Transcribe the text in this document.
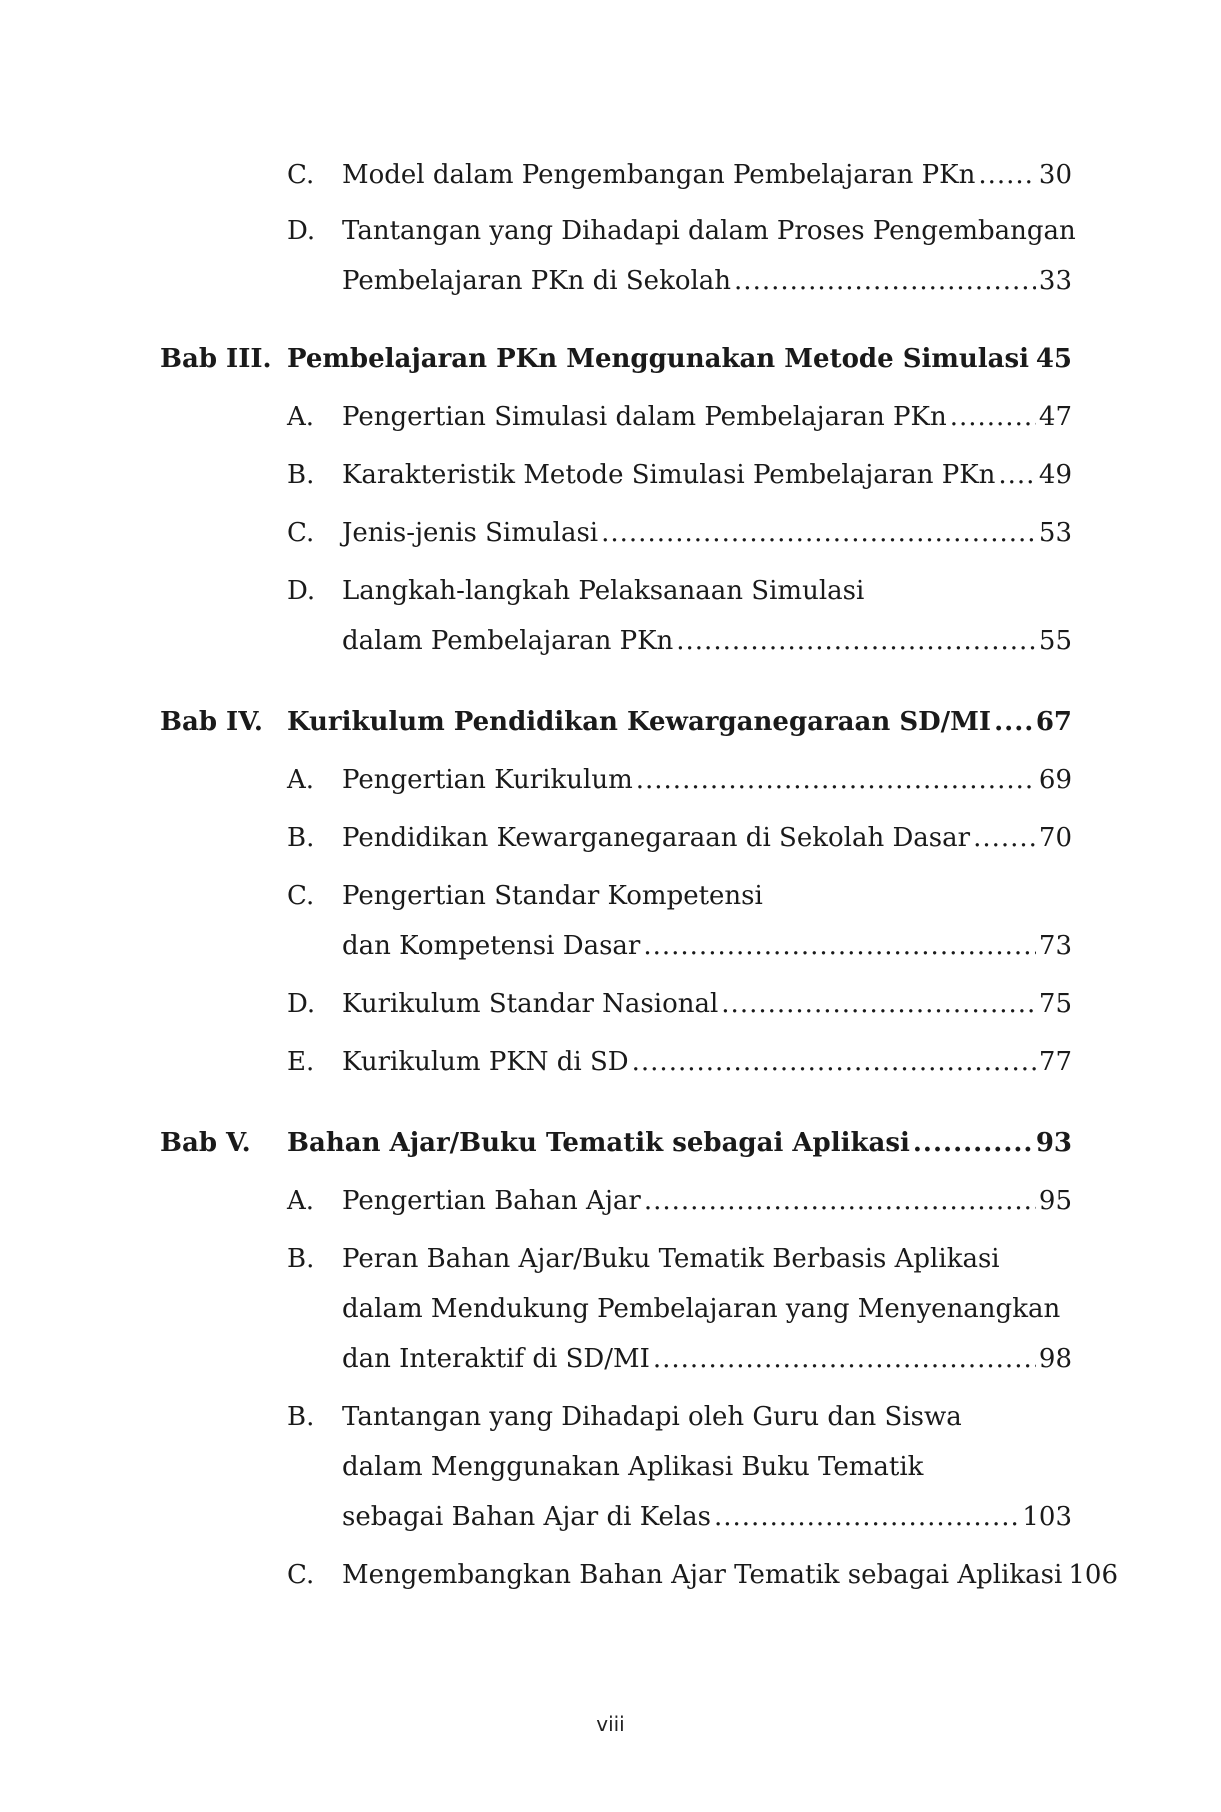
C. Model dalam Pengembangan Pembelajaran PKn ..... 30
D. Tantangan yang Dihadapi dalam Proses Pengembangan
Pembelajaran PKn di Sekolah .....	33
Bab III. Pembelajaran PKn Menggunakan Metode Simulasi ..... 45
A. Pengertian Simulasi dalam Pembelajaran PKn .....	47
B. Karakteristik Metode Simulasi Pembelajaran PKn ..... 49
C. Jenis-jenis Simulasi .....	53
D. Langkah-langkah Pelaksanaan Simulasi
dalam Pembelajaran PKn .....	55
Bab IV. Kurikulum Pendidikan Kewarganegaraan SD/MI ..... 67
A. Pengertian Kurikulum .....	69
B. Pendidikan Kewarganegaraan di Sekolah Dasar .....	70
C. Pengertian Standar Kompetensi
dan Kompetensi Dasar .....	73
D. Kurikulum Standar Nasional .....	75
E. Kurikulum PKN di SD .....	77
Bab V. Bahan Ajar/Buku Tematik sebagai Aplikasi .....	93
A. Pengertian Bahan Ajar .....	95
B. Peran Bahan Ajar/Buku Tematik Berbasis Aplikasi
dalam Mendukung Pembelajaran yang Menyenangkan
dan Interaktif di SD/MI .....	98
B. Tantangan yang Dihadapi oleh Guru dan Siswa
dalam Menggunakan Aplikasi Buku Tematik
sebagai Bahan Ajar di Kelas .....	103
C. Mengembangkan Bahan Ajar Tematik sebagai Aplikasi 106
viii
